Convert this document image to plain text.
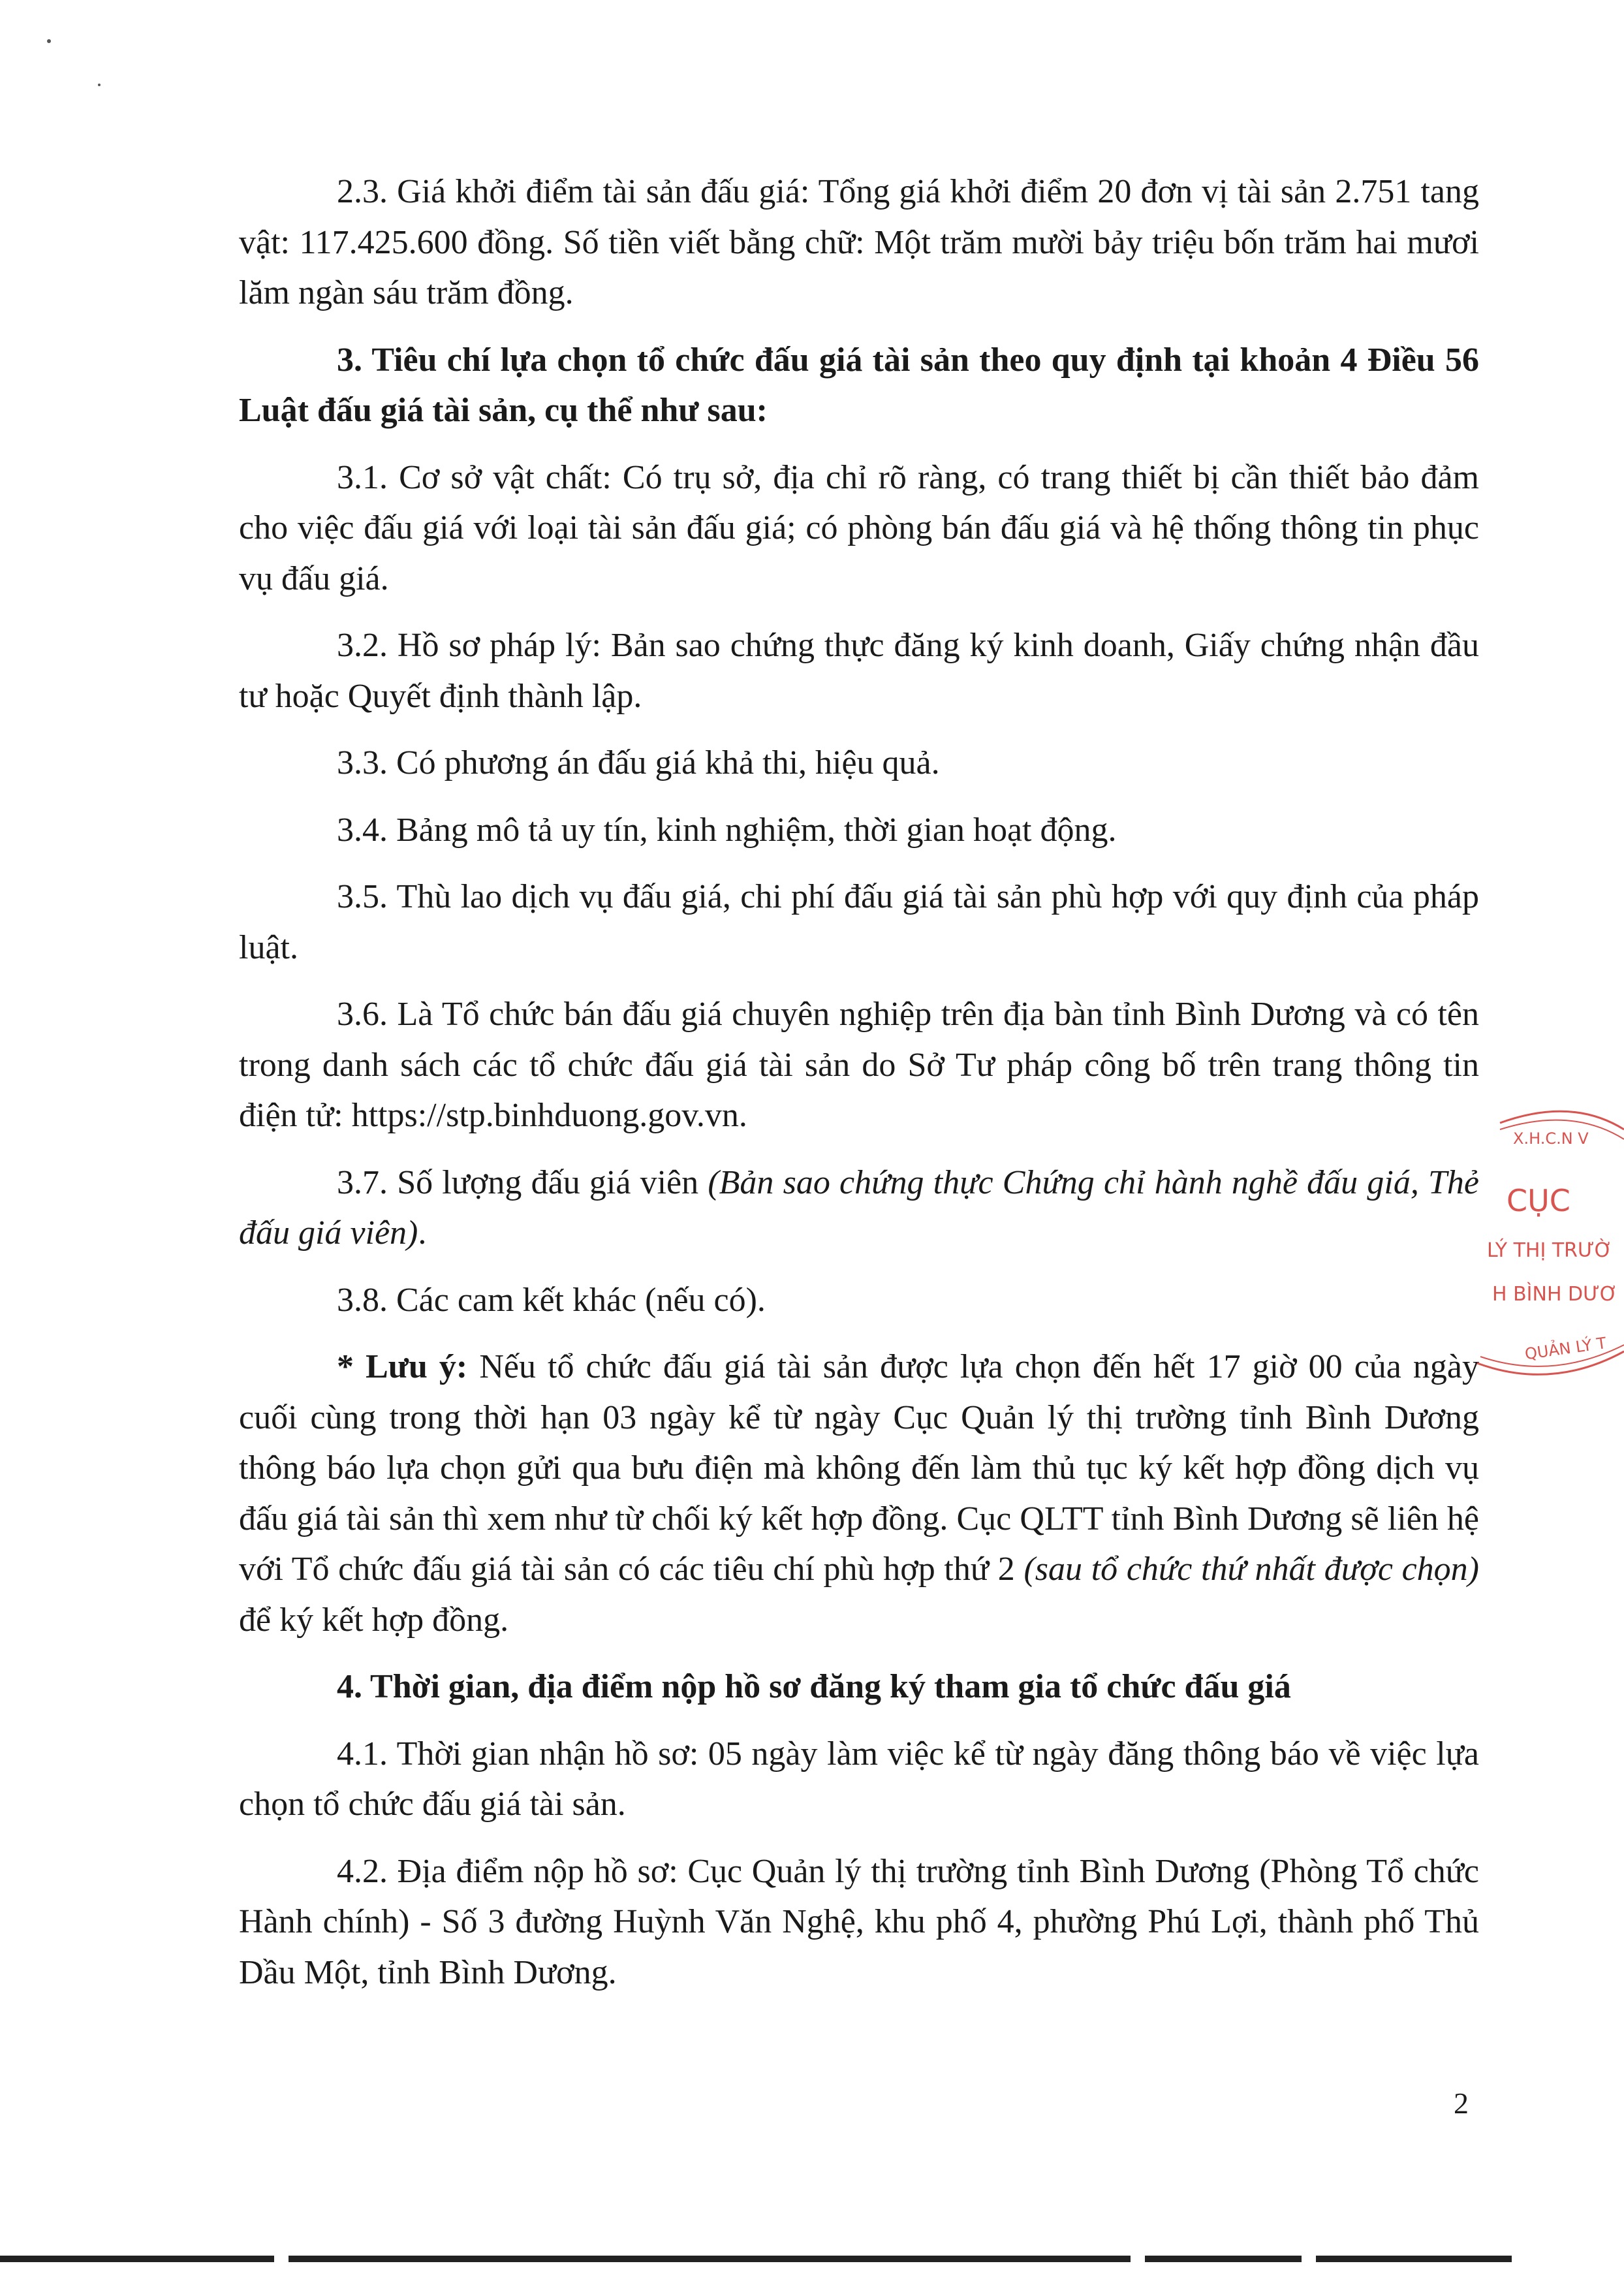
2.3. Giá khởi điểm tài sản đấu giá: Tổng giá khởi điểm 20 đơn vị tài sản 2.751 tang vật: 117.425.600 đồng. Số tiền viết bằng chữ: Một trăm mười bảy triệu bốn trăm hai mươi lăm ngàn sáu trăm đồng.

3. Tiêu chí lựa chọn tổ chức đấu giá tài sản theo quy định tại khoản 4 Điều 56 Luật đấu giá tài sản, cụ thể như sau:

3.1. Cơ sở vật chất: Có trụ sở, địa chỉ rõ ràng, có trang thiết bị cần thiết bảo đảm cho việc đấu giá với loại tài sản đấu giá; có phòng bán đấu giá và hệ thống thông tin phục vụ đấu giá.

3.2. Hồ sơ pháp lý: Bản sao chứng thực đăng ký kinh doanh, Giấy chứng nhận đầu tư hoặc Quyết định thành lập.

3.3. Có phương án đấu giá khả thi, hiệu quả.

3.4. Bảng mô tả uy tín, kinh nghiệm, thời gian hoạt động.

3.5. Thù lao dịch vụ đấu giá, chi phí đấu giá tài sản phù hợp với quy định của pháp luật.

3.6. Là Tổ chức bán đấu giá chuyên nghiệp trên địa bàn tỉnh Bình Dương và có tên trong danh sách các tổ chức đấu giá tài sản do Sở Tư pháp công bố trên trang thông tin điện tử: https://stp.binhduong.gov.vn.

3.7. Số lượng đấu giá viên (Bản sao chứng thực Chứng chỉ hành nghề đấu giá, Thẻ đấu giá viên).

3.8. Các cam kết khác (nếu có).

* Lưu ý: Nếu tổ chức đấu giá tài sản được lựa chọn đến hết 17 giờ 00 của ngày cuối cùng trong thời hạn 03 ngày kể từ ngày Cục Quản lý thị trường tỉnh Bình Dương thông báo lựa chọn gửi qua bưu điện mà không đến làm thủ tục ký kết hợp đồng dịch vụ đấu giá tài sản thì xem như từ chối ký kết hợp đồng. Cục QLTT tỉnh Bình Dương sẽ liên hệ với Tổ chức đấu giá tài sản có các tiêu chí phù hợp thứ 2 (sau tổ chức thứ nhất được chọn) để ký kết hợp đồng.

4. Thời gian, địa điểm nộp hồ sơ đăng ký tham gia tổ chức đấu giá

4.1. Thời gian nhận hồ sơ: 05 ngày làm việc kể từ ngày đăng thông báo về việc lựa chọn tổ chức đấu giá tài sản.

4.2. Địa điểm nộp hồ sơ: Cục Quản lý thị trường tỉnh Bình Dương (Phòng Tổ chức Hành chính) - Số 3 đường Huỳnh Văn Nghệ, khu phố 4, phường Phú Lợi, thành phố Thủ Dầu Một, tỉnh Bình Dương.

X.H.C.N V
CỤC
LÝ THỊ TRƯỜ
H BÌNH DƯƠ
QUẢN LÝ T
2
